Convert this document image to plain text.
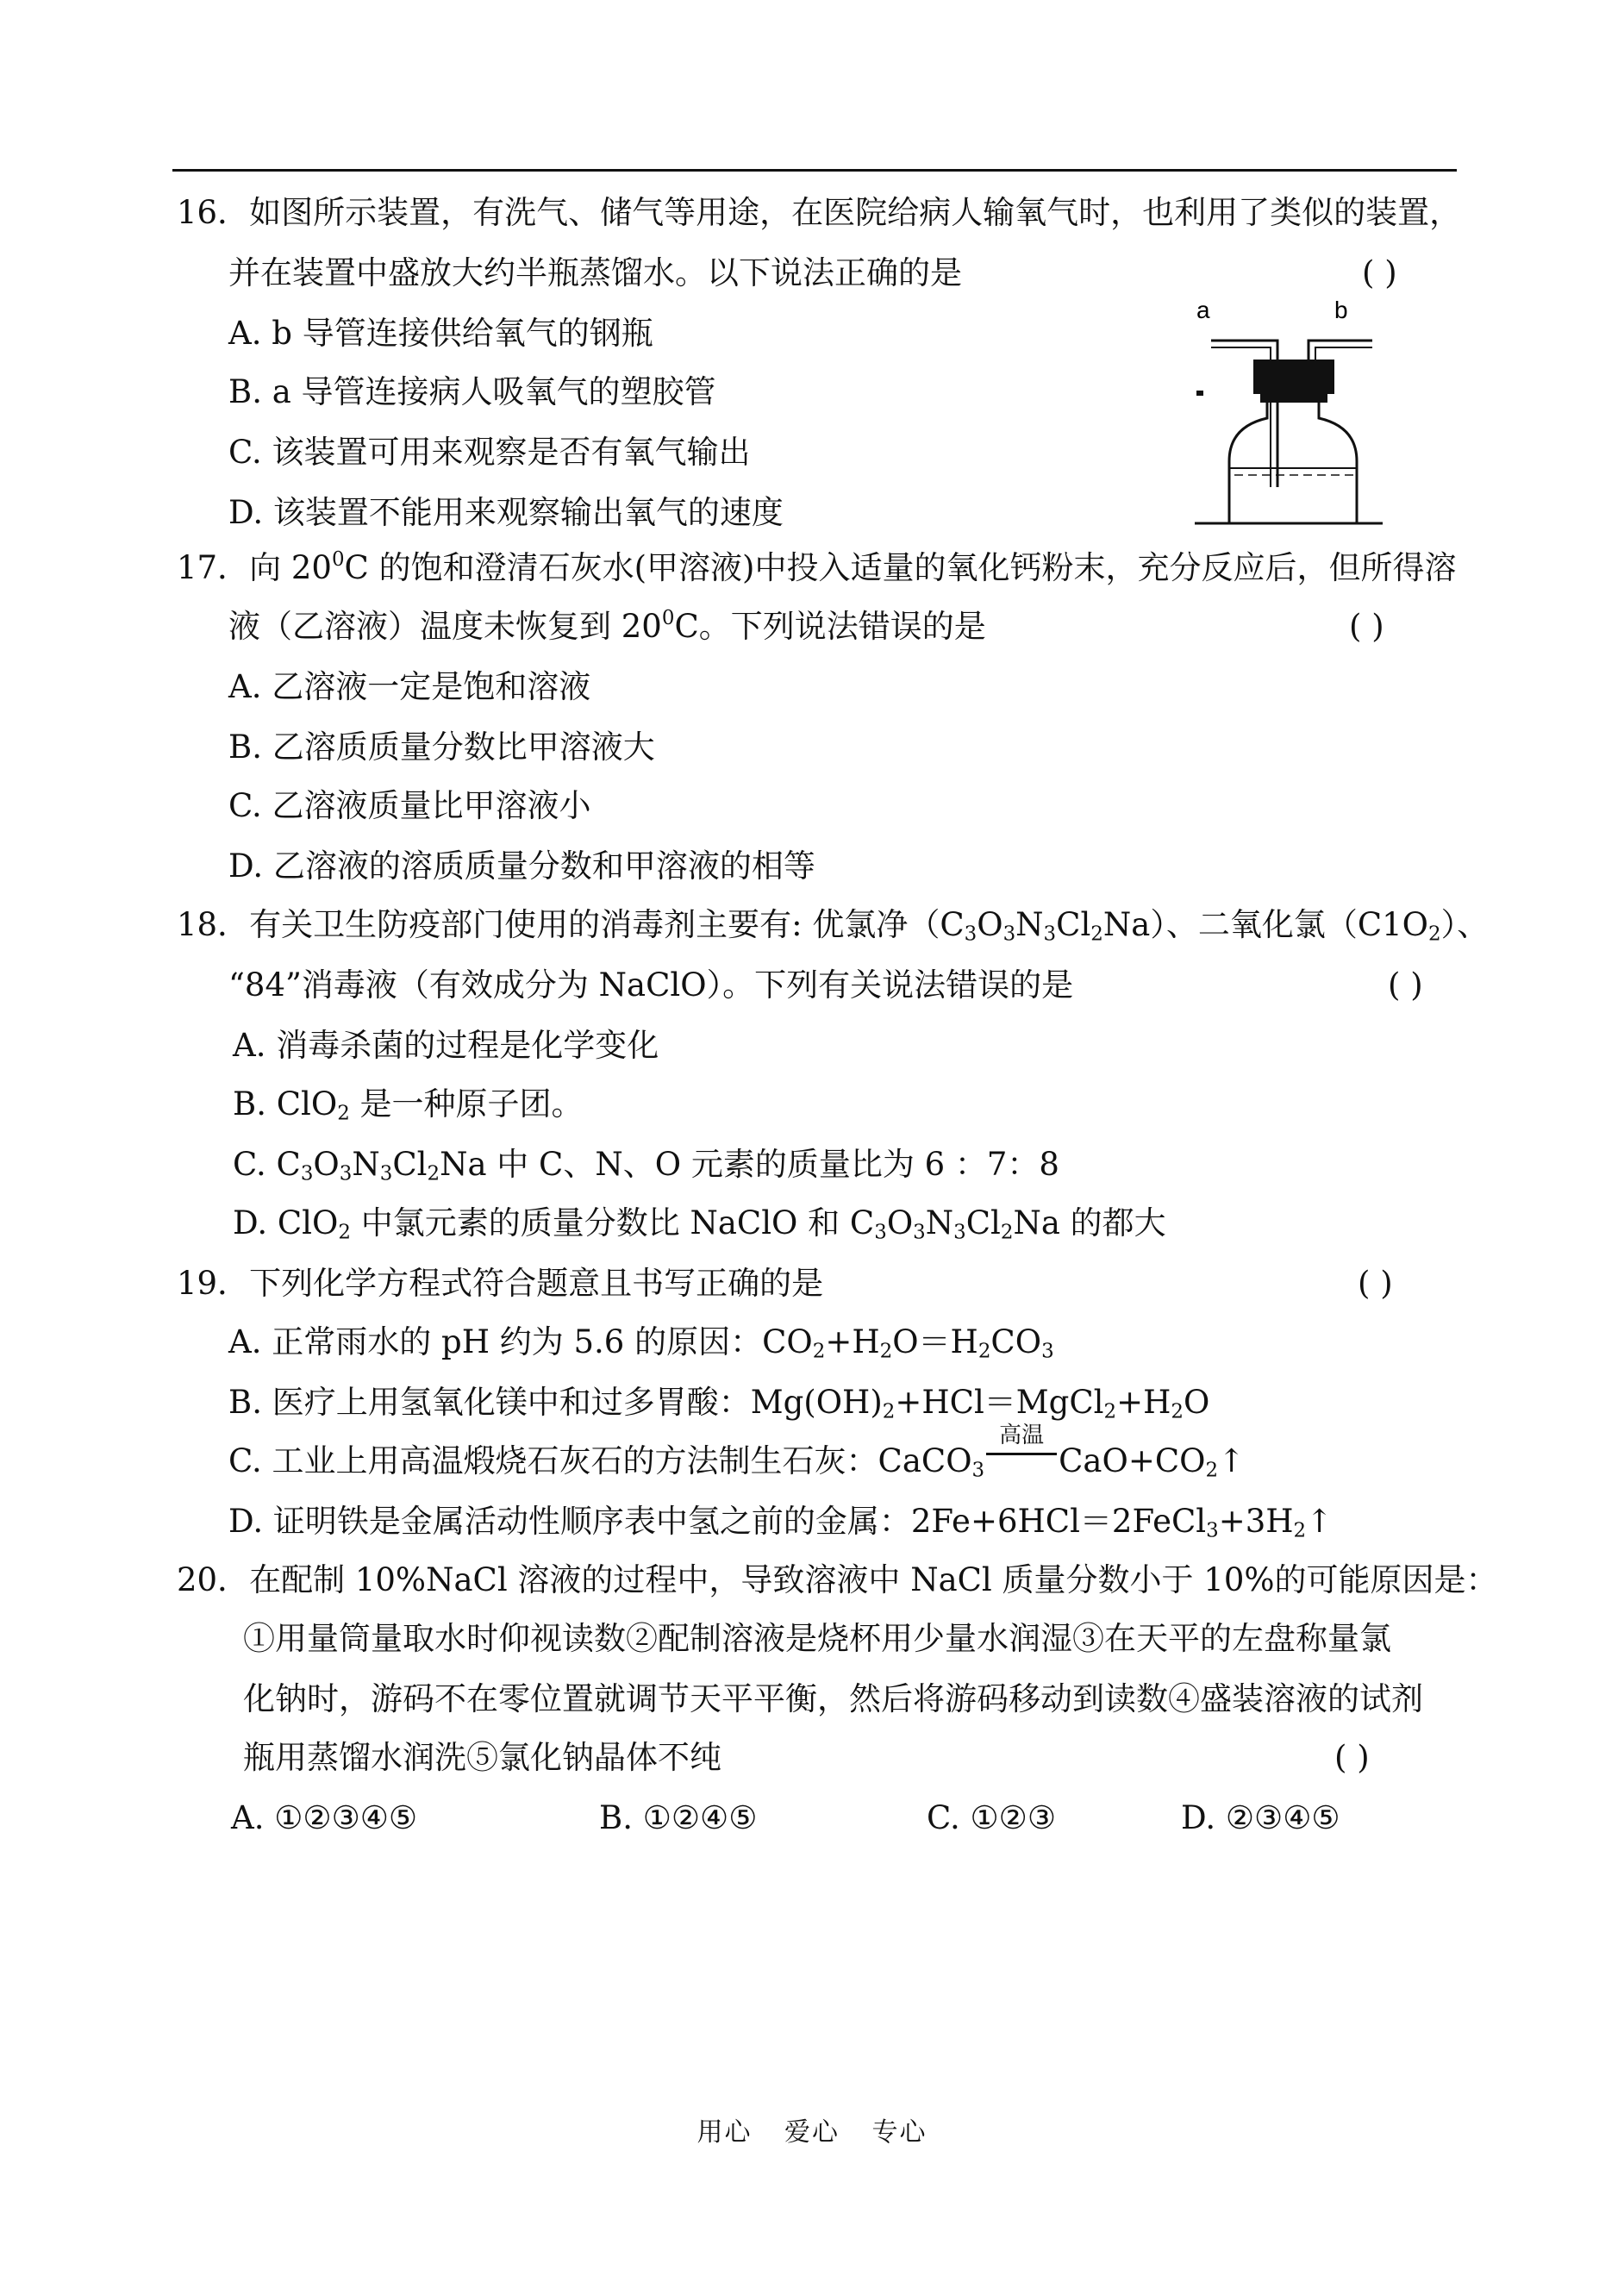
16．如图所示装置，有洗气、储气等用途，在医院给病人输氧气时，也利用了类似的装置，
并在装置中盛放大约半瓶蒸馏水。以下说法正确的是	( )
A. b 导管连接供给氧气的钢瓶
B. a 导管连接病人吸氧气的塑胶管
C. 该装置可用来观察是否有氧气输出
D. 该装置不能用来观察输出氧气的速度
a	b
17．向 $20^0C$ 的饱和澄清石灰水(甲溶液)中投入适量的氧化钙粉末，充分反应后，但所得溶
液（乙溶液）温度未恢复到 $20^0C$。下列说法错误的是	( )
A. 乙溶液一定是饱和溶液
B. 乙溶质质量分数比甲溶液大
C. 乙溶液质量比甲溶液小
D. 乙溶液的溶质质量分数和甲溶液的相等
18．有关卫生防疫部门使用的消毒剂主要有: 优氯净$(C_3O_3N_3Cl_2Na)$、二氧化氯$(C1O_2)$、
“84”消毒液（有效成分为 NaClO）。下列有关说法错误的是	( )
A. 消毒杀菌的过程是化学变化
B. ClO$_2$ 是一种原子团。
C. $C_3O_3N_3Cl_2Na$ 中 C、N、O 元素的质量比为 6 ：7：8
D. ClO$_2$ 中氯元素的质量分数比 NaClO 和 $C_3O_3N_3Cl_2Na$ 的都大
19．下列化学方程式符合题意且书写正确的是	( )
A. 正常雨水的 pH 约为 5.6 的原因：$CO_2+H_2O=H_2CO_3$
B. 医疗上用氢氧化镁中和过多胃酸：$Mg(OH)_2+HCl=MgCl_2+H_2O$
C. 工业上用高温煅烧石灰石的方法制生石灰：CaCO$_3$
高温
$CaO+CO_2↑$
D. 证明铁是金属活动性顺序表中氢之前的金属：$2Fe+6HCl=2FeCl_3+3H_2↑$
20．在配制 10%NaCl 溶液的过程中，导致溶液中 NaCl 质量分数小于 10%的可能原因是：
①用量筒量取水时仰视读数②配制溶液是烧杯用少量水润湿③在天平的左盘称量氯
化钠时，游码不在零位置就调节天平平衡，然后将游码移动到读数④盛装溶液的试剂
瓶用蒸馏水润洗⑤氯化钠晶体不纯	( )
A. ①②③④⑤	B. ①②④⑤	C. ①②③	D. ②③④⑤
用心 爱心 专心
